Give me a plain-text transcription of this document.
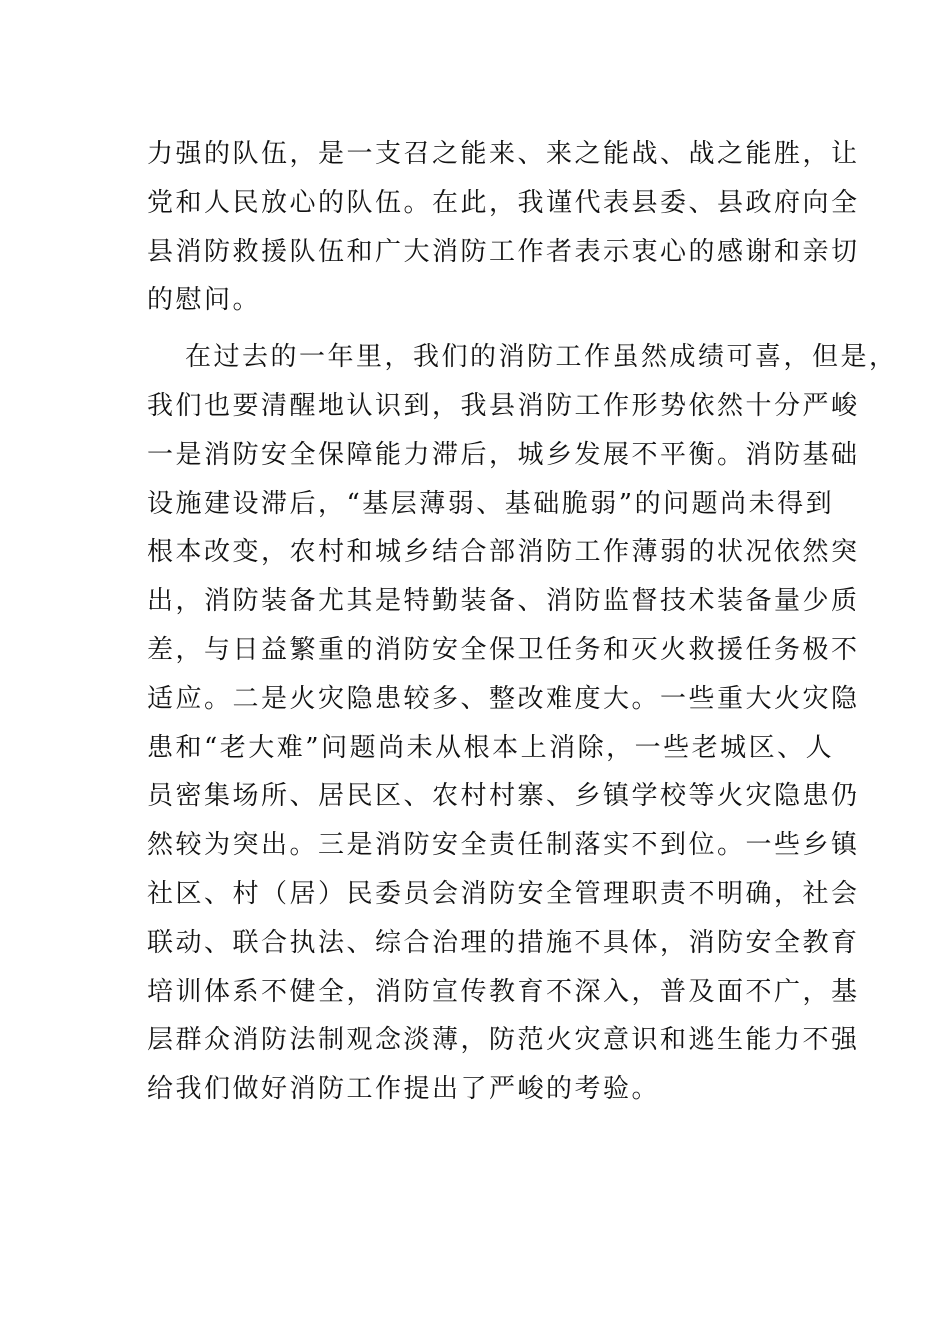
力强的队伍，是一支召之能来、来之能战、战之能胜，让
党和人民放心的队伍。在此，我谨代表县委、县政府向全
县消防救援队伍和广大消防工作者表示衷心的感谢和亲切
的慰问。
在过去的一年里，我们的消防工作虽然成绩可喜，但是，
我们也要清醒地认识到，我县消防工作形势依然十分严峻
一是消防安全保障能力滞后，城乡发展不平衡。消防基础
设施建设滞后，“基层薄弱、基础脆弱”的问题尚未得到
根本改变，农村和城乡结合部消防工作薄弱的状况依然突
出，消防装备尤其是特勤装备、消防监督技术装备量少质
差，与日益繁重的消防安全保卫任务和灭火救援任务极不
适应。二是火灾隐患较多、整改难度大。一些重大火灾隐
患和“老大难”问题尚未从根本上消除，一些老城区、人
员密集场所、居民区、农村村寨、乡镇学校等火灾隐患仍
然较为突出。三是消防安全责任制落实不到位。一些乡镇
社区、村（居）民委员会消防安全管理职责不明确，社会
联动、联合执法、综合治理的措施不具体，消防安全教育
培训体系不健全，消防宣传教育不深入，普及面不广，基
层群众消防法制观念淡薄，防范火灾意识和逃生能力不强
给我们做好消防工作提出了严峻的考验。
